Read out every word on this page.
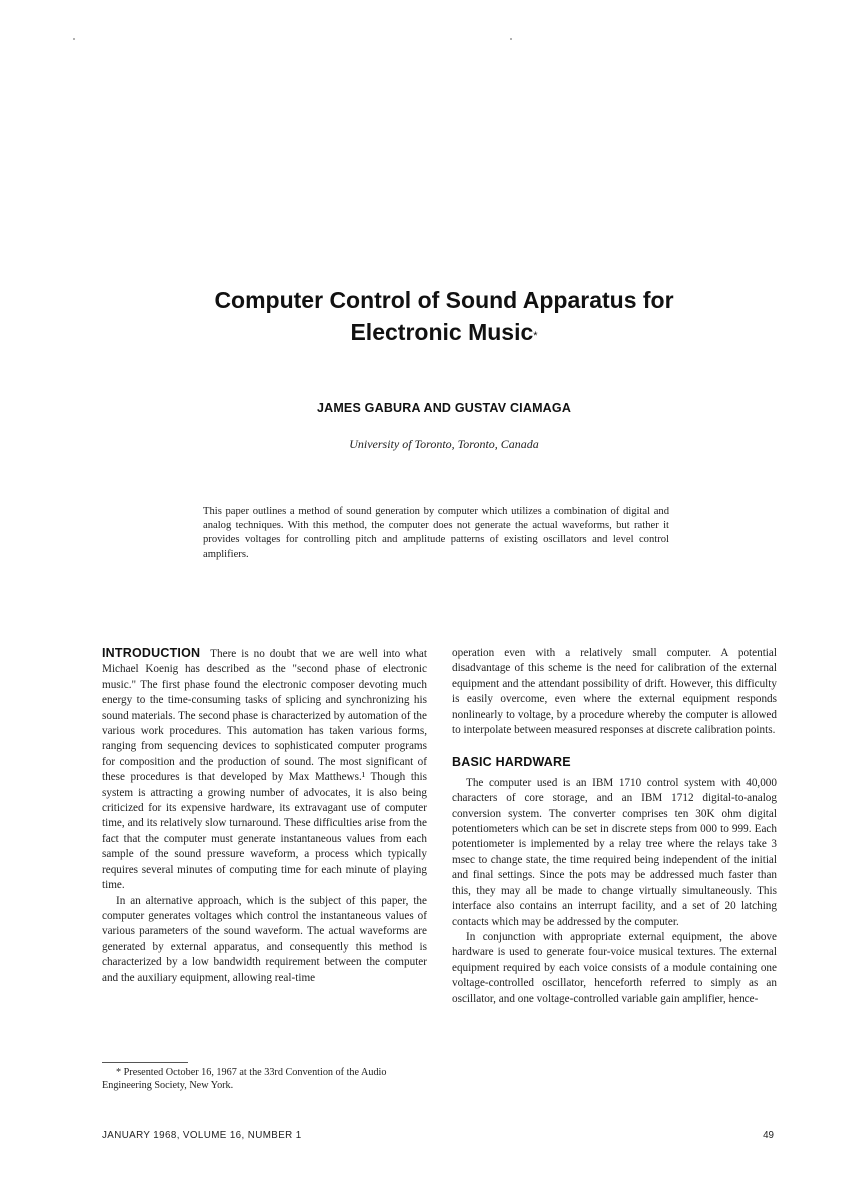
Computer Control of Sound Apparatus for
Electronic Music*
JAMES GABURA AND GUSTAV CIAMAGA
University of Toronto, Toronto, Canada
This paper outlines a method of sound generation by computer which utilizes a combination of digital and analog techniques. With this method, the computer does not generate the actual waveforms, but rather it provides voltages for controlling pitch and amplitude patterns of existing oscillators and level control amplifiers.

INTRODUCTION There is no doubt that we are well into what Michael Koenig has described as the "second phase of electronic music." The first phase found the electronic composer devoting much energy to the time-consuming tasks of splicing and synchronizing his sound materials. The second phase is characterized by automation of the various work procedures. This automation has taken various forms, ranging from sequencing devices to sophisticated computer programs for composition and the production of sound. The most significant of these procedures is that developed by Max Matthews.¹ Though this system is attracting a growing number of advocates, it is also being criticized for its expensive hardware, its extravagant use of computer time, and its relatively slow turnaround. These difficulties arise from the fact that the computer must generate instantaneous values from each sample of the sound pressure waveform, a process which typically requires several minutes of computing time for each minute of playing time.

In an alternative approach, which is the subject of this paper, the computer generates voltages which control the instantaneous values of various parameters of the sound waveform. The actual waveforms are generated by external apparatus, and consequently this method is characterized by a low bandwidth requirement between the computer and the auxiliary equipment, allowing real-time

operation even with a relatively small computer. A potential disadvantage of this scheme is the need for calibration of the external equipment and the attendant possibility of drift. However, this difficulty is easily overcome, even where the external equipment responds nonlinearly to voltage, by a procedure whereby the computer is allowed to interpolate between measured responses at discrete calibration points.

BASIC HARDWARE

The computer used is an IBM 1710 control system with 40,000 characters of core storage, and an IBM 1712 digital-to-analog conversion system. The converter comprises ten 30K ohm digital potentiometers which can be set in discrete steps from 000 to 999. Each potentiometer is implemented by a relay tree where the relays take 3 msec to change state, the time required being independent of the initial and final settings. Since the pots may be addressed much faster than this, they may all be made to change virtually simultaneously. This interface also contains an interrupt facility, and a set of 20 latching contacts which may be addressed by the computer.

In conjunction with appropriate external equipment, the above hardware is used to generate four-voice musical textures. The external equipment required by each voice consists of a module containing one voltage-controlled oscillator, henceforth referred to simply as an oscillator, and one voltage-controlled variable gain amplifier, hence-

* Presented October 16, 1967 at the 33rd Convention of the Audio Engineering Society, New York.
JANUARY 1968, VOLUME 16, NUMBER 1	49
